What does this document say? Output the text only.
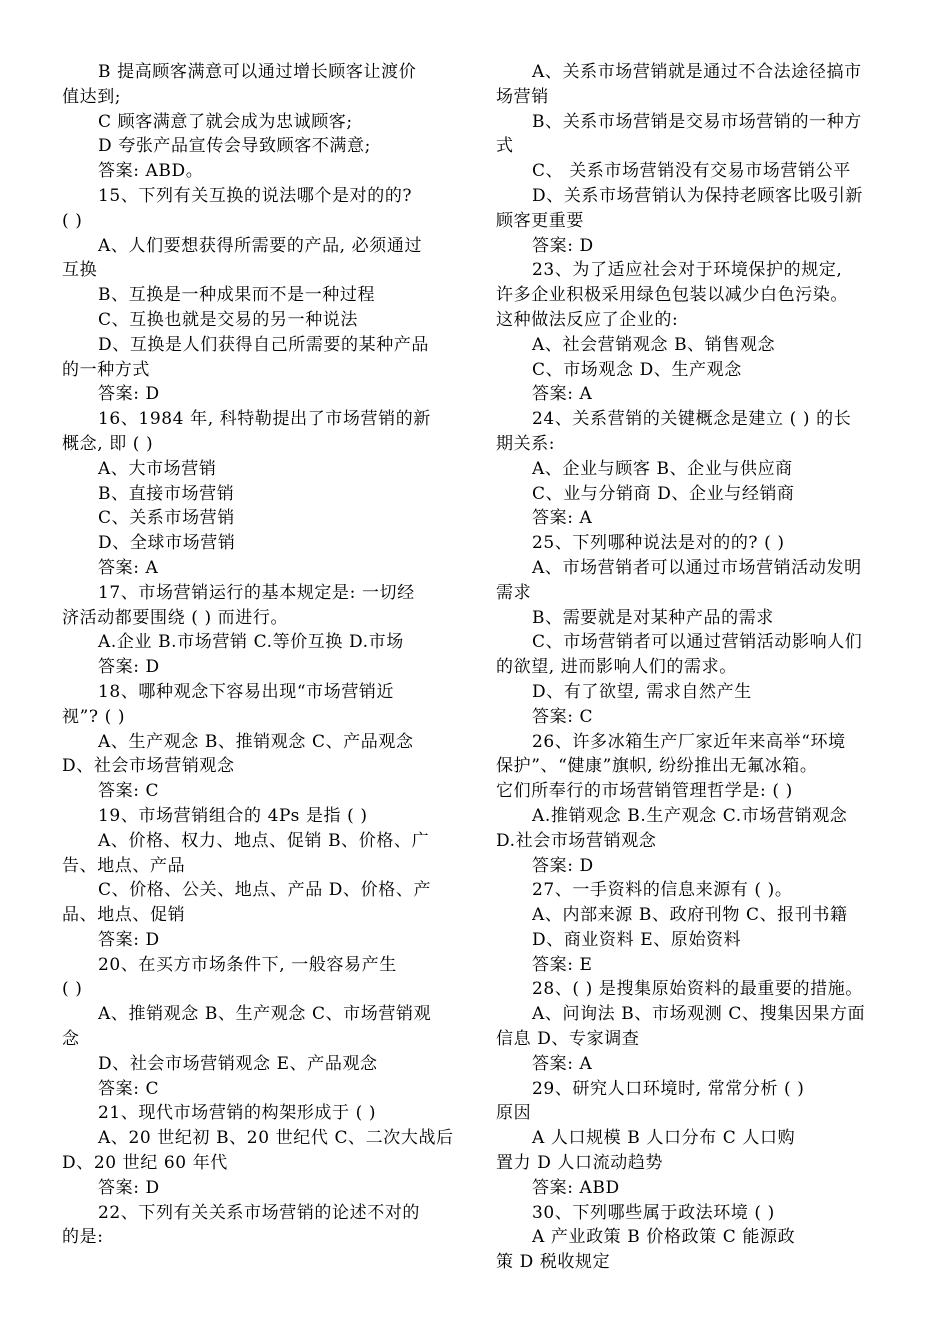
B 提高顾客满意可以通过增长顾客让渡价
值达到;
C 顾客满意了就会成为忠诚顾客;
D 夸张产品宣传会导致顾客不满意;
答案: ABD。
15、下列有关互换的说法哪个是对的的?
( )
A、人们要想获得所需要的产品, 必须通过
互换
B、互换是一种成果而不是一种过程
C、互换也就是交易的另一种说法
D、互换是人们获得自己所需要的某种产品
的一种方式
答案: D
16、1984 年, 科特勒提出了市场营销的新
概念, 即 ( )
A、大市场营销
B、直接市场营销
C、关系市场营销
D、全球市场营销
答案: A
17、市场营销运行的基本规定是: 一切经
济活动都要围绕 ( ) 而进行。
A.企业 B.市场营销 C.等价互换 D.市场
答案: D
18、哪种观念下容易出现“市场营销近
视”? ( )
A、生产观念 B、推销观念 C、产品观念
D、社会市场营销观念
答案: C
19、市场营销组合的 4Ps 是指 ( )
A、价格、权力、地点、促销 B、价格、广
告、地点、产品
C、价格、公关、地点、产品 D、价格、产
品、地点、促销
答案: D
20、在买方市场条件下, 一般容易产生
( )
A、推销观念 B、生产观念 C、市场营销观
念
D、社会市场营销观念 E、产品观念
答案: C
21、现代市场营销的构架形成于 ( )
A、20 世纪初 B、20 世纪代 C、二次大战后
D、20 世纪 60 年代
答案: D
22、下列有关关系市场营销的论述不对的
的是:
A、关系市场营销就是通过不合法途径搞市
场营销
B、关系市场营销是交易市场营销的一种方
式
C、 关系市场营销没有交易市场营销公平
D、关系市场营销认为保持老顾客比吸引新
顾客更重要
答案: D
23、为了适应社会对于环境保护的规定,
许多企业积极采用绿色包装以减少白色污染。
这种做法反应了企业的:
A、社会营销观念 B、销售观念
C、市场观念 D、生产观念
答案: A
24、关系营销的关键概念是建立 ( ) 的长
期关系:
A、企业与顾客 B、企业与供应商
C、业与分销商 D、企业与经销商
答案: A
25、下列哪种说法是对的的? ( )
A、市场营销者可以通过市场营销活动发明
需求
B、需要就是对某种产品的需求
C、市场营销者可以通过营销活动影响人们
的欲望, 进而影响人们的需求。
D、有了欲望, 需求自然产生
答案: C
26、许多冰箱生产厂家近年来高举“环境
保护”、“健康”旗帜, 纷纷推出无氟冰箱。
它们所奉行的市场营销管理哲学是: ( )
A.推销观念 B.生产观念 C.市场营销观念
D.社会市场营销观念
答案: D
27、一手资料的信息来源有 ( )。
A、内部来源 B、政府刊物 C、报刊书籍
D、商业资料 E、原始资料
答案: E
28、( ) 是搜集原始资料的最重要的措施。
A、问询法 B、市场观测 C、搜集因果方面
信息 D、专家调查
答案: A
29、研究人口环境时, 常常分析 ( )
原因
A 人口规模 B 人口分布 C 人口购
置力 D 人口流动趋势
答案: ABD
30、下列哪些属于政法环境 ( )
A 产业政策 B 价格政策 C 能源政
策 D 税收规定
